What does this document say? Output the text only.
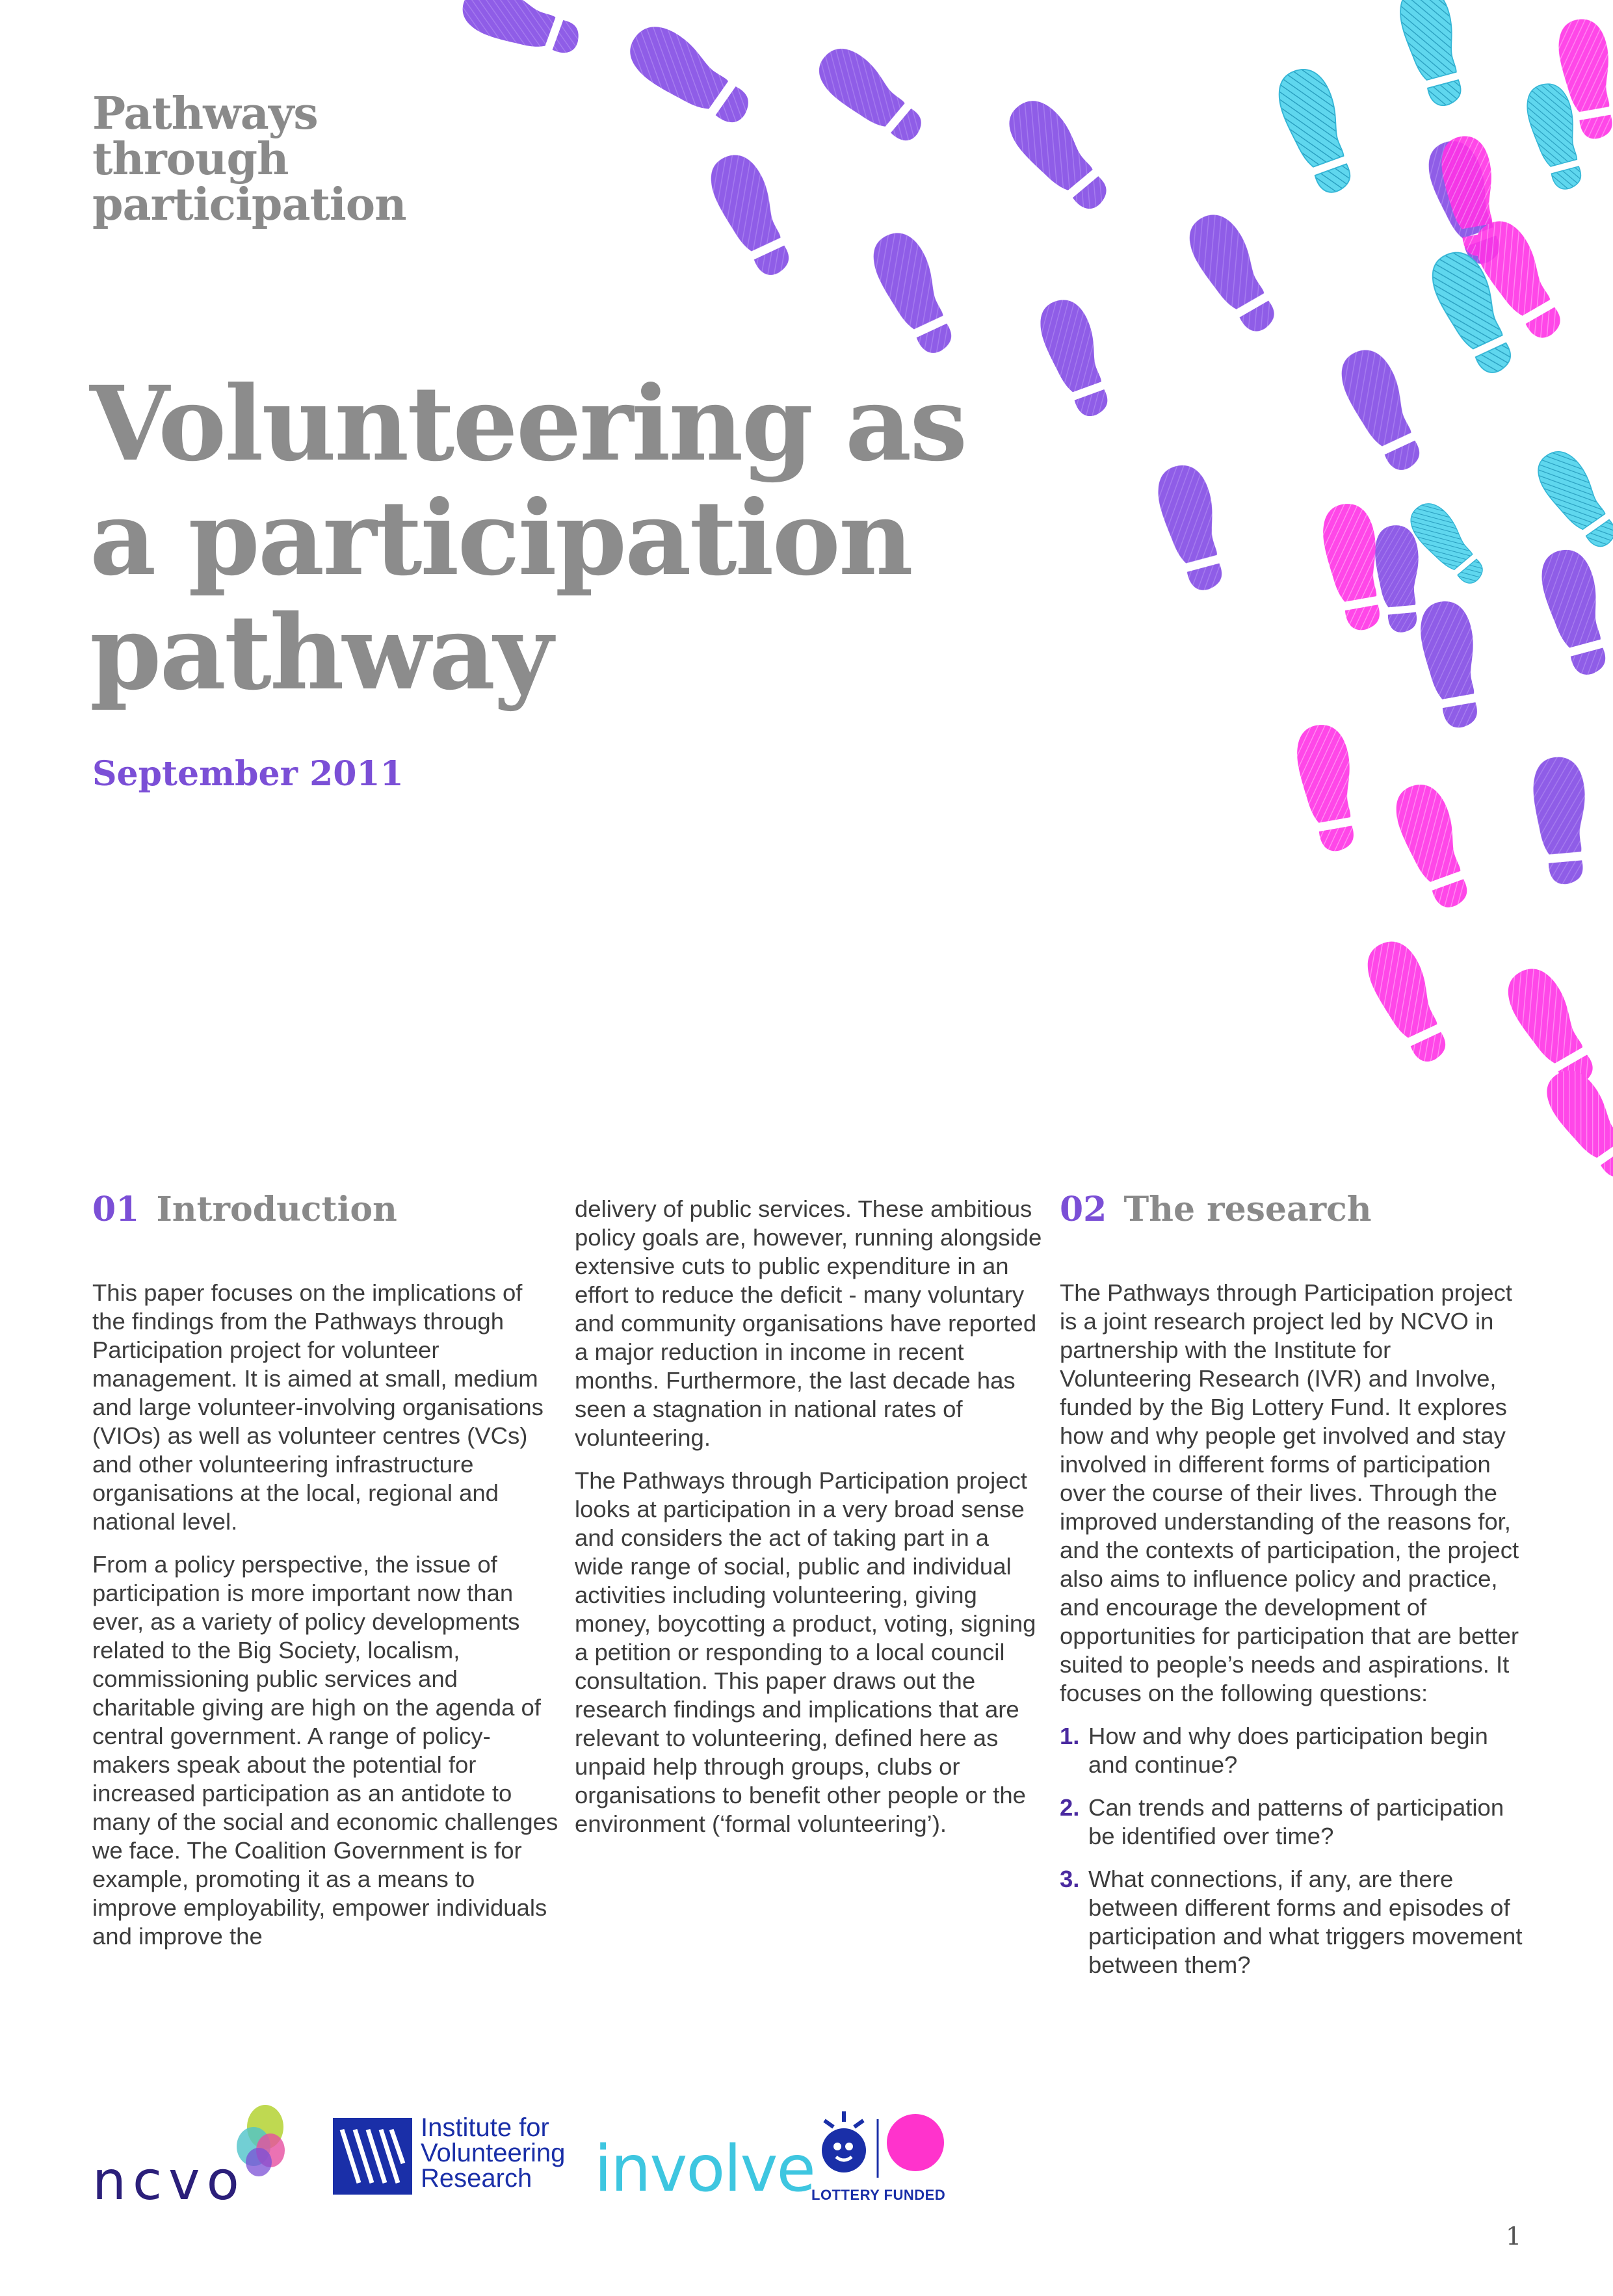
Pathways
through
participation
Volunteering as
a participation
pathway
September 2011
01 Introduction

This paper focuses on the implications of the findings from the Pathways through Participation project for volunteer management. It is aimed at small, medium and large volunteer-involving organisations (VIOs) as well as volunteer centres (VCs) and other volunteering infrastructure organisations at the local, regional and national level.

From a policy perspective, the issue of participation is more important now than ever, as a variety of policy developments related to the Big Society, localism, commissioning public services and charitable giving are high on the agenda of central government. A range of policy-makers speak about the potential for increased participation as an antidote to many of the social and economic challenges we face. The Coalition Government is for example, promoting it as a means to improve employability, empower individuals and improve the

delivery of public services. These ambitious policy goals are, however, running alongside extensive cuts to public expenditure in an effort to reduce the deficit - many voluntary and community organisations have reported a major reduction in income in recent months. Furthermore, the last decade has seen a stagnation in national rates of volunteering.

The Pathways through Participation project looks at participation in a very broad sense and considers the act of taking part in a wide range of social, public and individual activities including volunteering, giving money, boycotting a product, voting, signing a petition or responding to a local council consultation. This paper draws out the research findings and implications that are relevant to volunteering, defined here as unpaid help through groups, clubs or organisations to benefit other people or the environment (‘formal volunteering’).

02 The research

The Pathways through Participation project is a joint research project led by NCVO in partnership with the Institute for Volunteering Research (IVR) and Involve, funded by the Big Lottery Fund. It explores how and why people get involved and stay involved in different forms of participation over the course of their lives. Through the improved understanding of the reasons for, and the contexts of participation, the project also aims to influence policy and practice, and encourage the development of opportunities for participation that are better suited to people’s needs and aspirations. It focuses on the following questions:

1. How and why does participation begin and continue?
2. Can trends and patterns of participation be identified over time?
3. What connections, if any, are there between different forms and episodes of participation and what triggers movement between them?
ncvo
Institute for
Volunteering
Research involve
LOTTERY FUNDED
1
